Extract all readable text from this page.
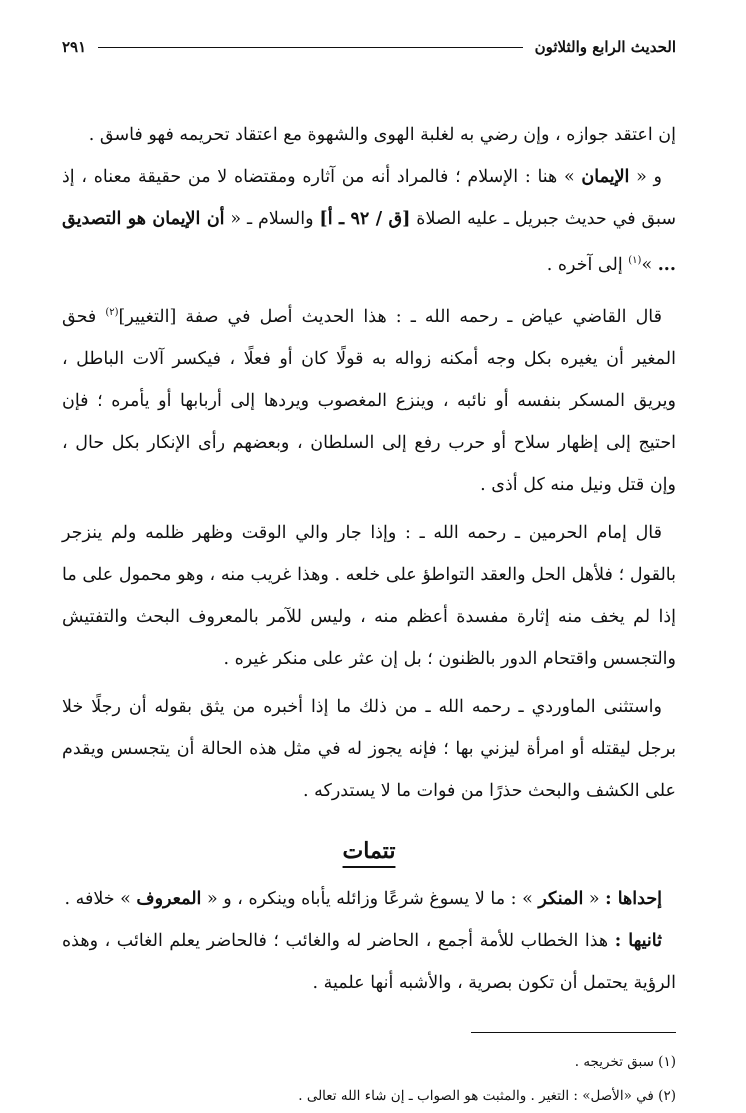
الحديث الرابع والثلاثون
٢٩١

إن اعتقد جوازه ، وإن رضي به لغلبة الهوى والشهوة مع اعتقاد تحريمه فهو فاسق .

و « الإيمان » هنا : الإسلام ؛ فالمراد أنه من آثاره ومقتضاه لا من حقيقة معناه ، إذ سبق في حديث جبريل ـ عليه الصلاة [ق / ٩٢ ـ أ] والسلام ـ « أن الإيمان هو التصديق ... »$^{(١)}$ إلى آخره .

قال القاضي عياض ـ رحمه الله ـ : هذا الحديث أصل في صفة [التغيير]$^{(٢)}$ فحق المغير أن يغيره بكل وجه أمكنه زواله به قولًا كان أو فعلًا ، فيكسر آلات الباطل ، ويريق المسكر بنفسه أو نائبه ، وينزع المغصوب ويردها إلى أربابها أو يأمره ؛ فإن احتيج إلى إظهار سلاح أو حرب رفع إلى السلطان ، وبعضهم رأى الإنكار بكل حال ، وإن قتل ونيل منه كل أذى .

قال إمام الحرمين ـ رحمه الله ـ : وإذا جار والي الوقت وظهر ظلمه ولم ينزجر بالقول ؛ فلأهل الحل والعقد التواطؤ على خلعه . وهذا غريب منه ، وهو محمول على ما إذا لم يخف منه إثارة مفسدة أعظم منه ، وليس للآمر بالمعروف البحث والتفتيش والتجسس واقتحام الدور بالظنون ؛ بل إن عثر على منكر غيره .

واستثنى الماوردي ـ رحمه الله ـ من ذلك ما إذا أخبره من يثق بقوله أن رجلًا خلا برجل ليقتله أو امرأة ليزني بها ؛ فإنه يجوز له في مثل هذه الحالة أن يتجسس ويقدم على الكشف والبحث حذرًا من فوات ما لا يستدركه .

تتمات

إحداها : « المنكر » : ما لا يسوغ شرعًا وزائله يأباه وينكره ، و « المعروف » خلافه .

ثانيها : هذا الخطاب للأمة أجمع ، الحاضر له والغائب ؛ فالحاضر يعلم الغائب ، وهذه الرؤية يحتمل أن تكون بصرية ، والأشبه أنها علمية .

(١) سبق تخريجه .
(٢) في «الأصل» : التغير . والمثبت هو الصواب ـ إن شاء الله تعالى .
